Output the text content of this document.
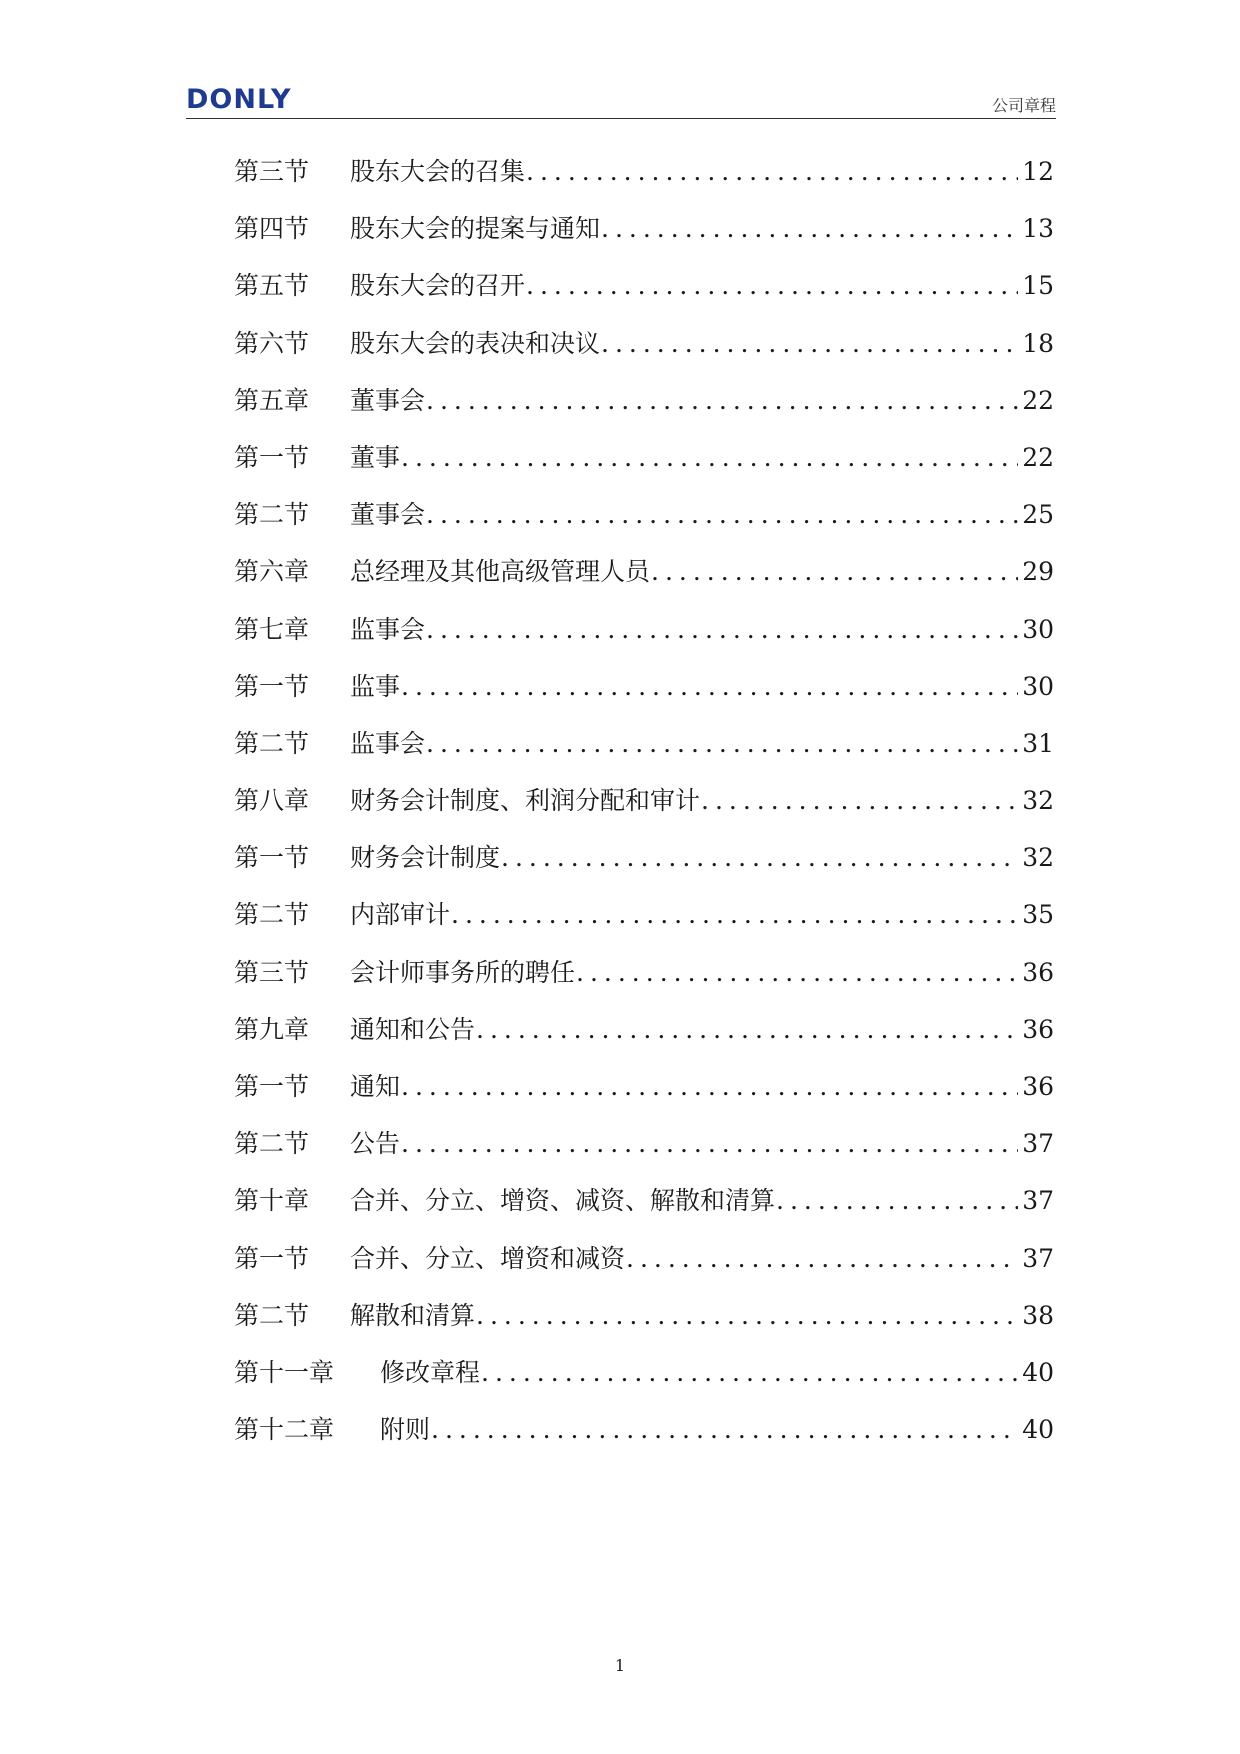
DONLY	公司章程
第三节	股东大会的召集 .....	12
第四节	股东大会的提案与通知 .....	13
第五节	股东大会的召开 .....	15
第六节	股东大会的表决和决议 .....	18
第五章	董事会 .....	22
第一节	董事 .....	22
第二节	董事会 .....	25
第六章	总经理及其他高级管理人员 .....	29
第七章	监事会 .....	30
第一节	监事 .....	30
第二节	监事会 .....	31
第八章	财务会计制度、利润分配和审计 .....	32
第一节	财务会计制度 .....	32
第二节	内部审计 .....	35
第三节	会计师事务所的聘任 .....	36
第九章	通知和公告 .....	36
第一节	通知 .....	36
第二节	公告 .....	37
第十章	合并、分立、增资、减资、解散和清算 .....	37
第一节	合并、分立、增资和减资 .....	37
第二节	解散和清算 .....	38
第十一章	修改章程 .....	40
第十二章	附则 .....	40
1
